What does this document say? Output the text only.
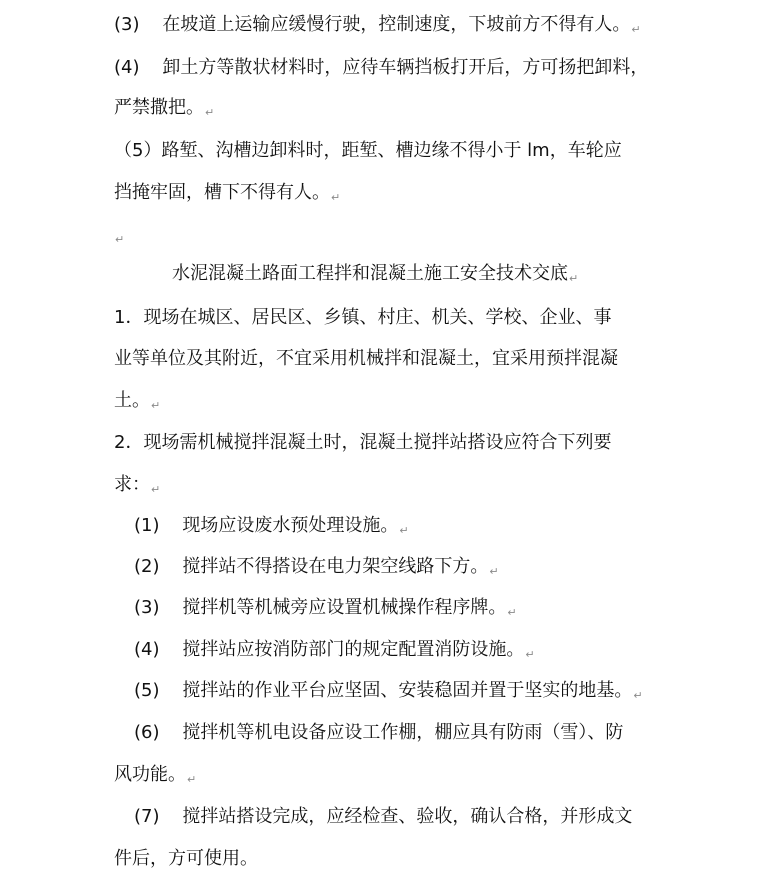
(3) 在坡道上运输应缓慢行驶，控制速度，下坡前方不得有人。↵
(4) 卸土方等散状材料时，应待车辆挡板打开后，方可扬把卸料，
严禁撒把。↵
（5）路堑、沟槽边卸料时，距堑、槽边缘不得小于 lm，车轮应
挡掩牢固，槽下不得有人。↵
↵
水泥混凝土路面工程拌和混凝土施工安全技术交底↵
1．现场在城区、居民区、乡镇、村庄、机关、学校、企业、事
业等单位及其附近，不宜采用机械拌和混凝土，宜采用预拌混凝
土。↵
2．现场需机械搅拌混凝土时，混凝土搅拌站搭设应符合下列要
求：↵
(1) 现场应设废水预处理设施。↵
(2) 搅拌站不得搭设在电力架空线路下方。↵
(3) 搅拌机等机械旁应设置机械操作程序牌。↵
(4) 搅拌站应按消防部门的规定配置消防设施。↵
(5) 搅拌站的作业平台应坚固、安装稳固并置于坚实的地基。↵
(6) 搅拌机等机电设备应设工作棚，棚应具有防雨（雪）、防
风功能。↵
(7) 搅拌站搭设完成，应经检查、验收，确认合格，并形成文
件后，方可使用。
